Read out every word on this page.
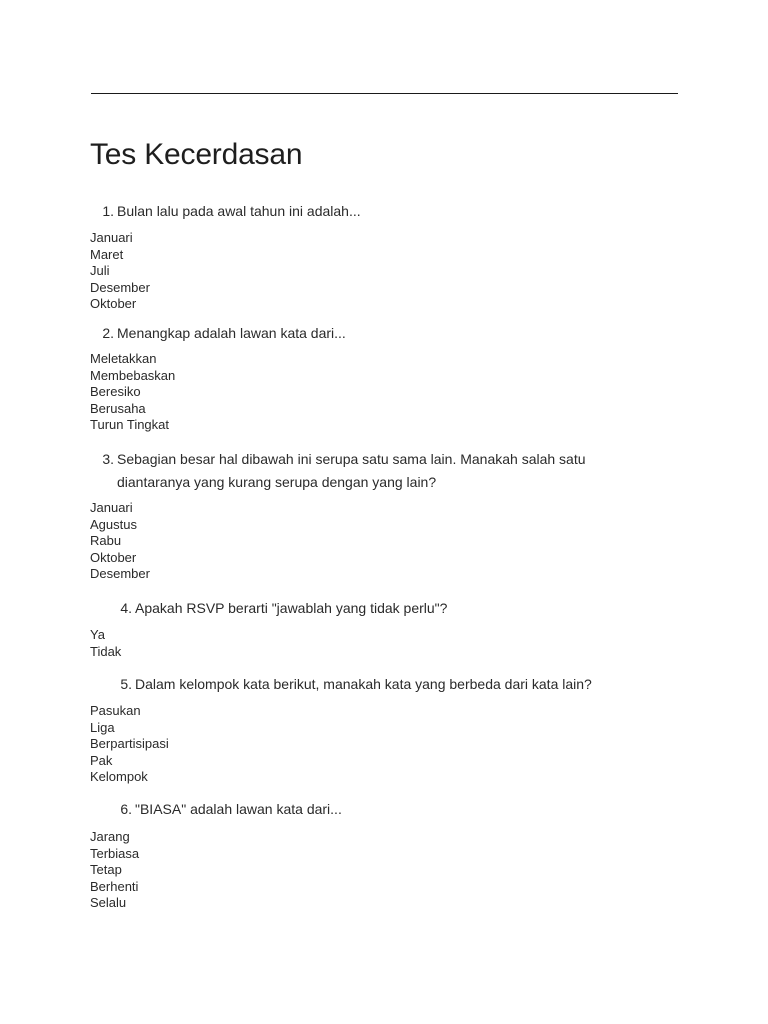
Tes Kecerdasan
1. Bulan lalu pada awal tahun ini adalah...
Januari
Maret
Juli
Desember
Oktober
2. Menangkap adalah lawan kata dari...
Meletakkan
Membebaskan
Beresiko
Berusaha
Turun Tingkat
3. Sebagian besar hal dibawah ini serupa satu sama lain. Manakah salah satu
diantaranya yang kurang serupa dengan yang lain?
Januari
Agustus
Rabu
Oktober
Desember
4. Apakah RSVP berarti "jawablah yang tidak perlu"?
Ya
Tidak
5. Dalam kelompok kata berikut, manakah kata yang berbeda dari kata lain?
Pasukan
Liga
Berpartisipasi
Pak
Kelompok
6. "BIASA" adalah lawan kata dari...
Jarang
Terbiasa
Tetap
Berhenti
Selalu
